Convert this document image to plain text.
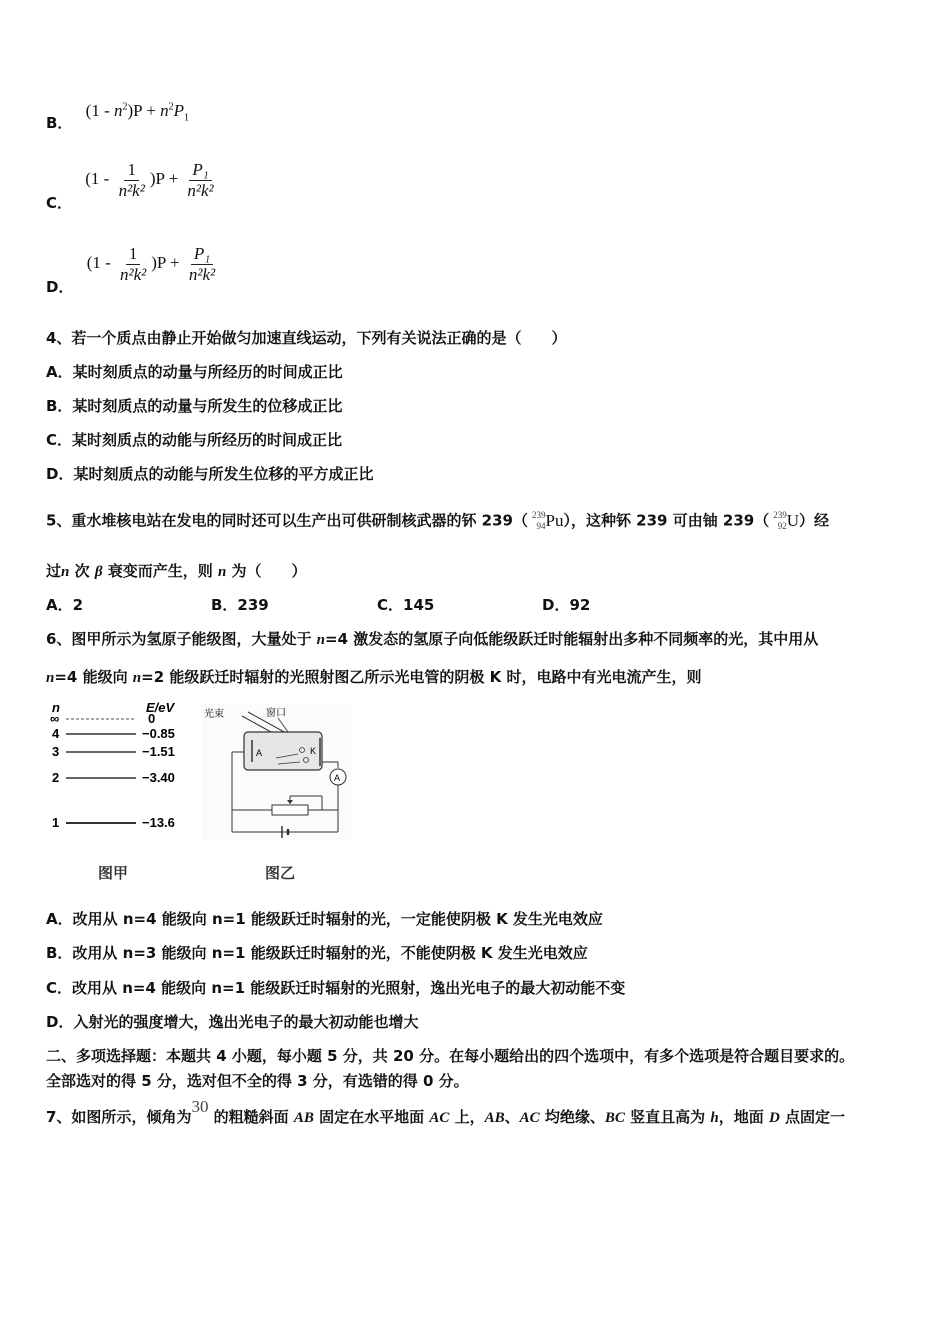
B． $(1 - n^2)P + n^2P_1$
C． $(1 - \frac{1}{\text{n²k²}} )P + \frac{\text{P₁}}{\text{n²k²}}$
D． $(1 - \frac{1}{\text{n²k²}} )P + \frac{\text{P₁}}{\text{n²k²}}$
4、若一个质点由静止开始做匀加速直线运动，下列有关说法正确的是（　　）
A．某时刻质点的动量与所经历的时间成正比
B．某时刻质点的动量与所发生的位移成正比
C．某时刻质点的动能与所经历的时间成正比
D．某时刻质点的动能与所发生位移的平方成正比
5、重水堆核电站在发电的同时还可以生产出可供研制核武器的钚 239（ 239
94 Pu），这种钚 239 可由铀 239（ 239
92 U）经
过n 次 β 衰变而产生，则 n 为（　　）
A．2	B．239	C．145	D．92
6、图甲所示为氢原子能级图，大量处于 n=4 激发态的氢原子向低能级跃迁时能辐射出多种不同频率的光，其中用从
n=4 能级向 n=2 能级跃迁时辐射的光照射图乙所示光电管的阴极 K 时，电路中有光电流产生，则
n	E/eV
∞	0
4	−0.85
3	−1.51
2	−3.40
1	−13.6
光束	窗口
A	K
A
图甲	图乙
A．改用从 n=4 能级向 n=1 能级跃迁时辐射的光，一定能使阴极 K 发生光电效应
B．改用从 n=3 能级向 n=1 能级跃迁时辐射的光，不能使阴极 K 发生光电效应
C．改用从 n=4 能级向 n=1 能级跃迁时辐射的光照射，逸出光电子的最大初动能不变
D．入射光的强度增大，逸出光电子的最大初动能也增大
二、多项选择题：本题共 4 小题，每小题 5 分，共 20 分。在每小题给出的四个选项中，有多个选项是符合题目要求的。
全部选对的得 5 分，选对但不全的得 3 分，有选错的得 0 分。
7、如图所示，倾角为30 的粗糙斜面 AB 固定在水平地面 AC 上，AB、AC 均绝缘、BC 竖直且高为 h，地面 D 点固定一
